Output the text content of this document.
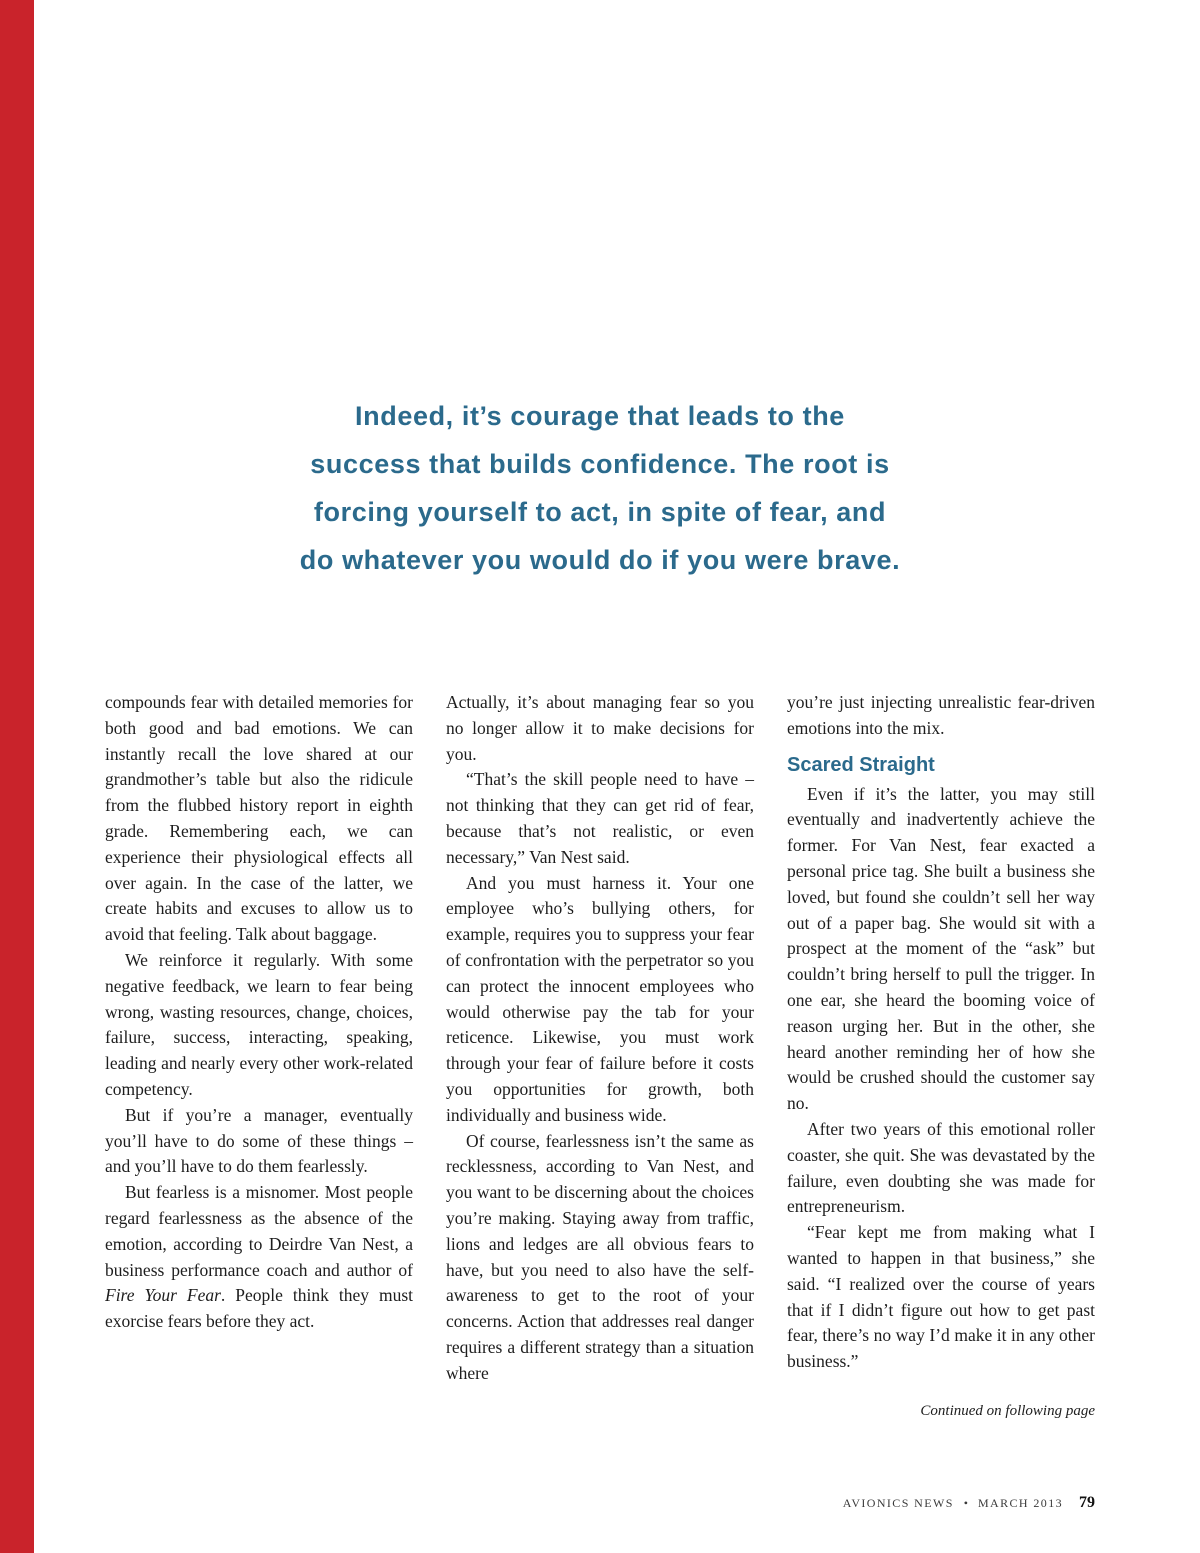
Indeed, it’s courage that leads to the
success that builds confidence. The root is
forcing yourself to act, in spite of fear, and
do whatever you would do if you were brave.

compounds fear with detailed memories for both good and bad emotions. We can instantly recall the love shared at our grandmother’s table but also the ridicule from the flubbed history report in eighth grade. Remembering each, we can experience their physiological effects all over again. In the case of the latter, we create habits and excuses to allow us to avoid that feeling. Talk about baggage.

We reinforce it regularly. With some negative feedback, we learn to fear being wrong, wasting resources, change, choices, failure, success, interacting, speaking, leading and nearly every other work-related competency.

But if you’re a manager, eventually you’ll have to do some of these things – and you’ll have to do them fearlessly.

But fearless is a misnomer. Most people regard fearlessness as the absence of the emotion, according to Deirdre Van Nest, a business performance coach and author of Fire Your Fear. People think they must exorcise fears before they act.

Actually, it’s about managing fear so you no longer allow it to make decisions for you.

“That’s the skill people need to have – not thinking that they can get rid of fear, because that’s not realistic, or even necessary,” Van Nest said.

And you must harness it. Your one employee who’s bullying others, for example, requires you to suppress your fear of confrontation with the perpetrator so you can protect the innocent employees who would otherwise pay the tab for your reticence. Likewise, you must work through your fear of failure before it costs you opportunities for growth, both individually and business wide.

Of course, fearlessness isn’t the same as recklessness, according to Van Nest, and you want to be discerning about the choices you’re making. Staying away from traffic, lions and ledges are all obvious fears to have, but you need to also have the self-awareness to get to the root of your concerns. Action that addresses real danger requires a different strategy than a situation where

you’re just injecting unrealistic fear-driven emotions into the mix.

Scared Straight

Even if it’s the latter, you may still eventually and inadvertently achieve the former. For Van Nest, fear exacted a personal price tag. She built a business she loved, but found she couldn’t sell her way out of a paper bag. She would sit with a prospect at the moment of the “ask” but couldn’t bring herself to pull the trigger. In one ear, she heard the booming voice of reason urging her. But in the other, she heard another reminding her of how she would be crushed should the customer say no.

After two years of this emotional roller coaster, she quit. She was devastated by the failure, even doubting she was made for entrepreneurism.

“Fear kept me from making what I wanted to happen in that business,” she said. “I realized over the course of years that if I didn’t figure out how to get past fear, there’s no way I’d make it in any other business.”

Continued on following page

AVIONICS NEWS • MARCH 2013 79
